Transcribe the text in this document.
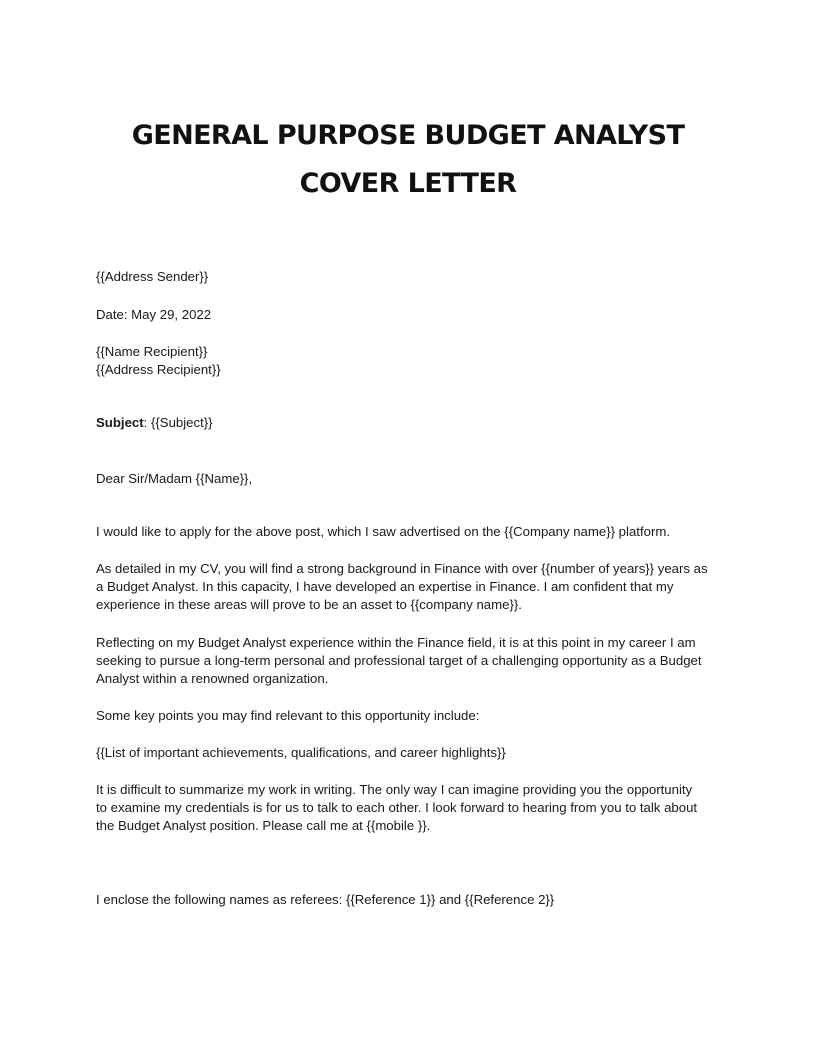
GENERAL PURPOSE BUDGET ANALYST
COVER LETTER
{{Address Sender}}
Date: May 29, 2022
{{Name Recipient}}
{{Address Recipient}}
Subject: {{Subject}}
Dear Sir/Madam {{Name}},
I would like to apply for the above post, which I saw advertised on the {{Company name}} platform.
As detailed in my CV, you will find a strong background in Finance with over {{number of years}} years as
a Budget Analyst. In this capacity, I have developed an expertise in Finance. I am confident that my
experience in these areas will prove to be an asset to {{company name}}.
Reflecting on my Budget Analyst experience within the Finance field, it is at this point in my career I am
seeking to pursue a long-term personal and professional target of a challenging opportunity as a Budget
Analyst within a renowned organization.
Some key points you may find relevant to this opportunity include:
{{List of important achievements, qualifications, and career highlights}}
It is difficult to summarize my work in writing. The only way I can imagine providing you the opportunity
to examine my credentials is for us to talk to each other. I look forward to hearing from you to talk about
the Budget Analyst position. Please call me at {{mobile }}.
I enclose the following names as referees: {{Reference 1}} and {{Reference 2}}
